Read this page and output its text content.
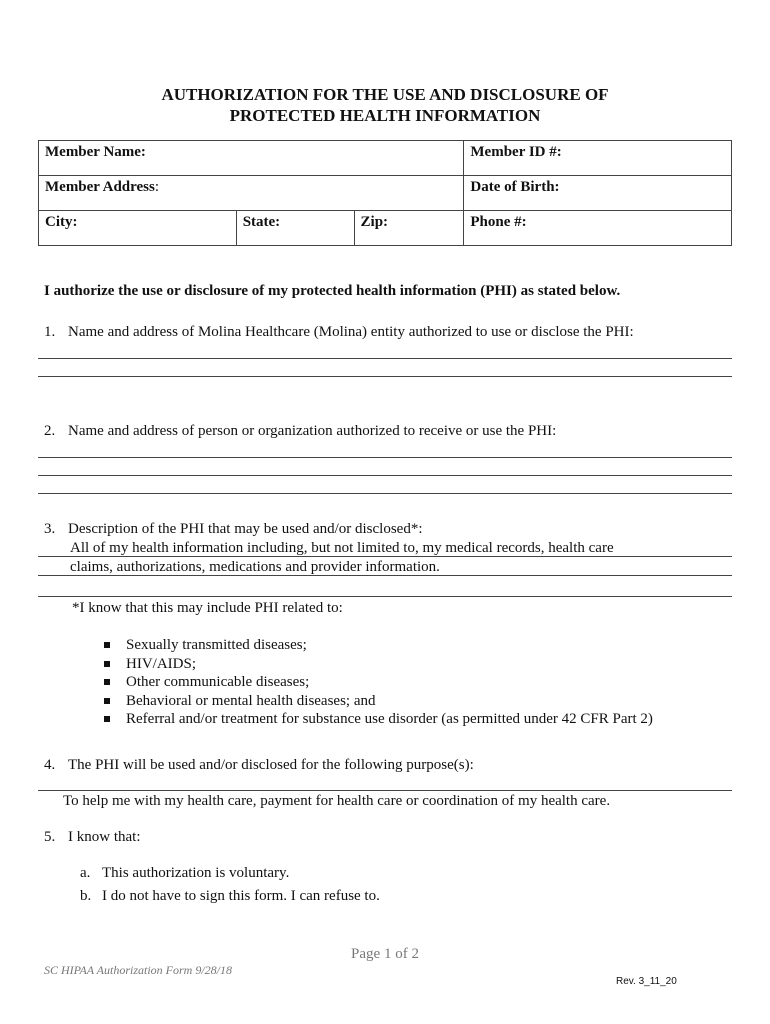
AUTHORIZATION FOR THE USE AND DISCLOSURE OF
PROTECTED HEALTH INFORMATION
Member Name:			Member ID #:
Member Address:			Date of Birth:
City:	State:	Zip:	Phone #:
I authorize the use or disclosure of my protected health information (PHI) as stated below.
1. Name and address of Molina Healthcare (Molina) entity authorized to use or disclose the PHI:
2. Name and address of person or organization authorized to receive or use the PHI:
3. Description of the PHI that may be used and/or disclosed*:
All of my health information including, but not limited to, my medical records, health care
claims, authorizations, medications and provider information.
*I know that this may include PHI related to:
Sexually transmitted diseases;
HIV/AIDS;
Other communicable diseases;
Behavioral or mental health diseases; and
Referral and/or treatment for substance use disorder (as permitted under 42 CFR Part 2)
4. The PHI will be used and/or disclosed for the following purpose(s):
To help me with my health care, payment for health care or coordination of my health care.
5. I know that:
a. This authorization is voluntary.
b. I do not have to sign this form. I can refuse to.
Page 1 of 2
SC HIPAA Authorization Form 9/28/18
Rev. 3_11_20
